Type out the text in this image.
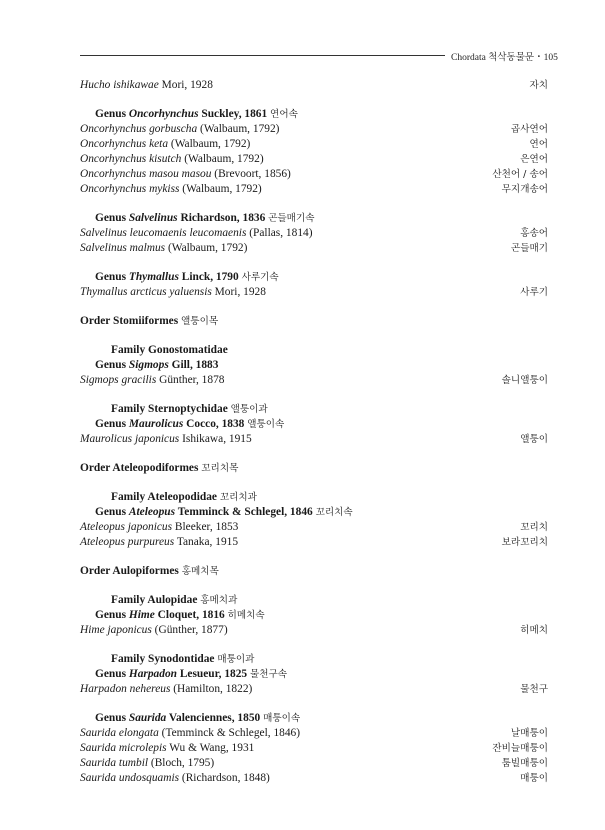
Chordata 척삭동물문・105
Hucho ishikawae Mori, 1928	자치
Genus Oncorhynchus Suckley, 1861 연어속
Oncorhynchus gorbuscha (Walbaum, 1792)	곱사연어
Oncorhynchus keta (Walbaum, 1792)	연어
Oncorhynchus kisutch (Walbaum, 1792)	은연어
Oncorhynchus masou masou (Brevoort, 1856)	산천어 / 송어
Oncorhynchus mykiss (Walbaum, 1792)	무지개송어
Genus Salvelinus Richardson, 1836 곤들매기속
Salvelinus leucomaenis leucomaenis (Pallas, 1814)	홍송어
Salvelinus malmus (Walbaum, 1792)	곤들매기
Genus Thymallus Linck, 1790 사루기속
Thymallus arcticus yaluensis Mori, 1928	사루기
Order Stomiiformes 앨퉁이목
Family Gonostomatidae
Genus Sigmops Gill, 1883
Sigmops gracilis Günther, 1878	솔니앨퉁이
Family Sternoptychidae 앨퉁이과
Genus Maurolicus Cocco, 1838 앨퉁이속
Maurolicus japonicus Ishikawa, 1915	앨퉁이
Order Ateleopodiformes 꼬리치목
Family Ateleopodidae 꼬리치과
Genus Ateleopus Temminck & Schlegel, 1846 꼬리치속
Ateleopus japonicus Bleeker, 1853	꼬리치
Ateleopus purpureus Tanaka, 1915	보라꼬리치
Order Aulopiformes 홍메치목
Family Aulopidae 홍메치과
Genus Hime Cloquet, 1816 히메치속
Hime japonicus (Günther, 1877)	히메치
Family Synodontidae 매퉁이과
Genus Harpadon Lesueur, 1825 물천구속
Harpadon nehereus (Hamilton, 1822)	물천구
Genus Saurida Valenciennes, 1850 매퉁이속
Saurida elongata (Temminck & Schlegel, 1846)	날매퉁이
Saurida microlepis Wu & Wang, 1931	잔비늘매퉁이
Saurida tumbil (Bloch, 1795)	툼빌매퉁이
Saurida undosquamis (Richardson, 1848)	매퉁이
